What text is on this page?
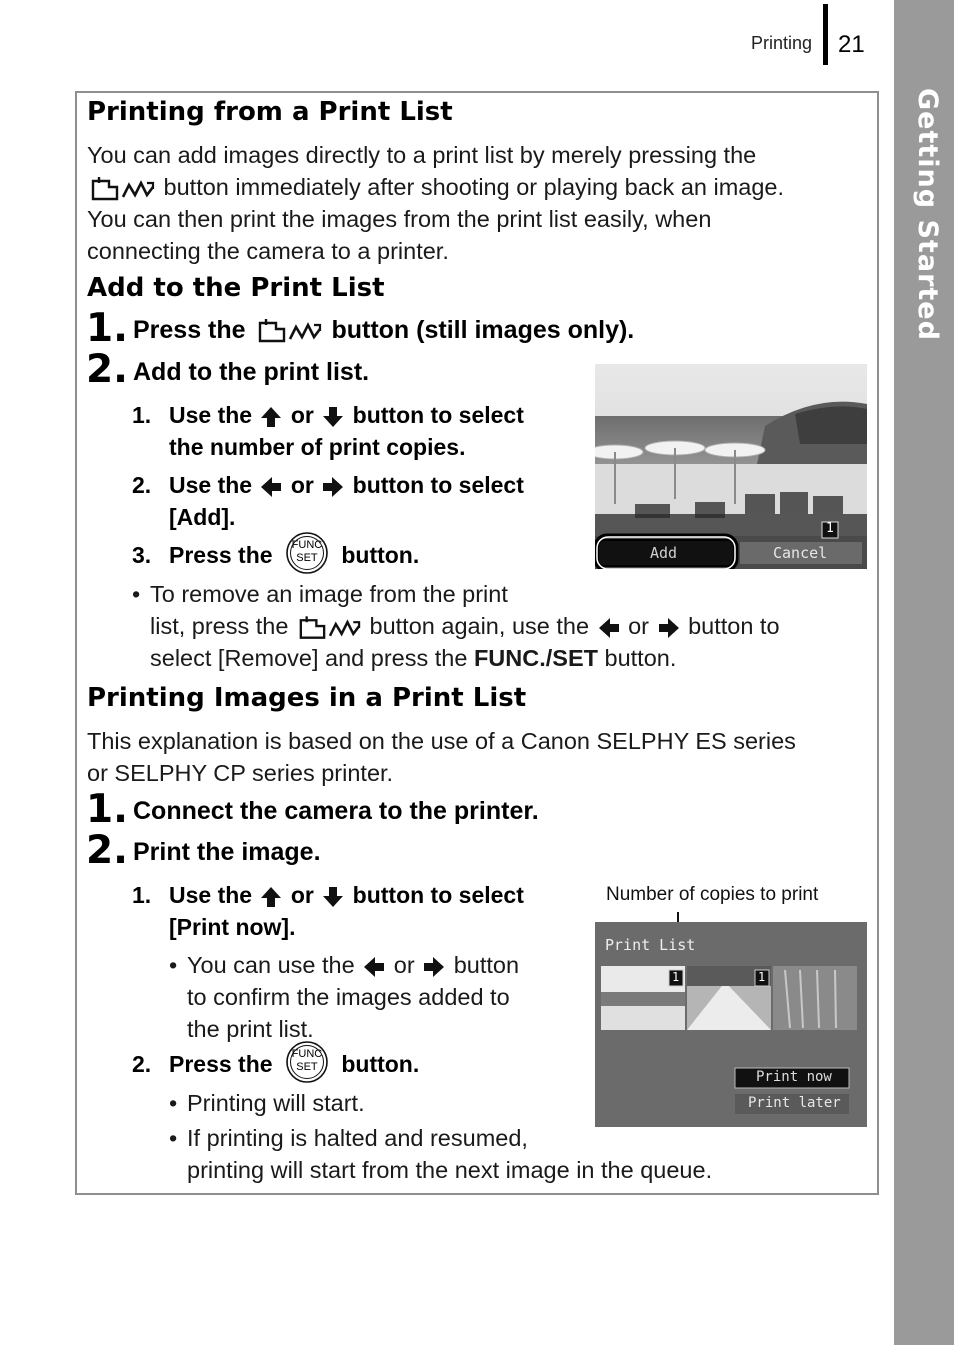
Getting Started
Printing 21
Printing from a Print List
You can add images directly to a print list by merely pressing the
button immediately after shooting or playing back an image.
You can then print the images from the print list easily, when
connecting the camera to a printer.
Add to the Print List
1. Press the	button (still images only).
2. Add to the print list.
1. Use the or button to select
the number of print copies.
2. Use the or button to select
[Add].
3. Press the	FUNC
SET	button.
• To remove an image from the print
list, press the	button again, use the or button to
select [Remove] and press the FUNC./SET button.
Add	Cancel
1
Printing Images in a Print List
This explanation is based on the use of a Canon SELPHY ES series
or SELPHY CP series printer.
1. Connect the camera to the printer.
2. Print the image.
1. Use the or button to select
[Print now].
• You can use the or button
to confirm the images added to
the print list.
2. Press the	FUNC
SET	button.
• Printing will start.
• If printing is halted and resumed,
printing will start from the next image in the queue.
Number of copies to print
Print List
Print now
Print later
1	1
